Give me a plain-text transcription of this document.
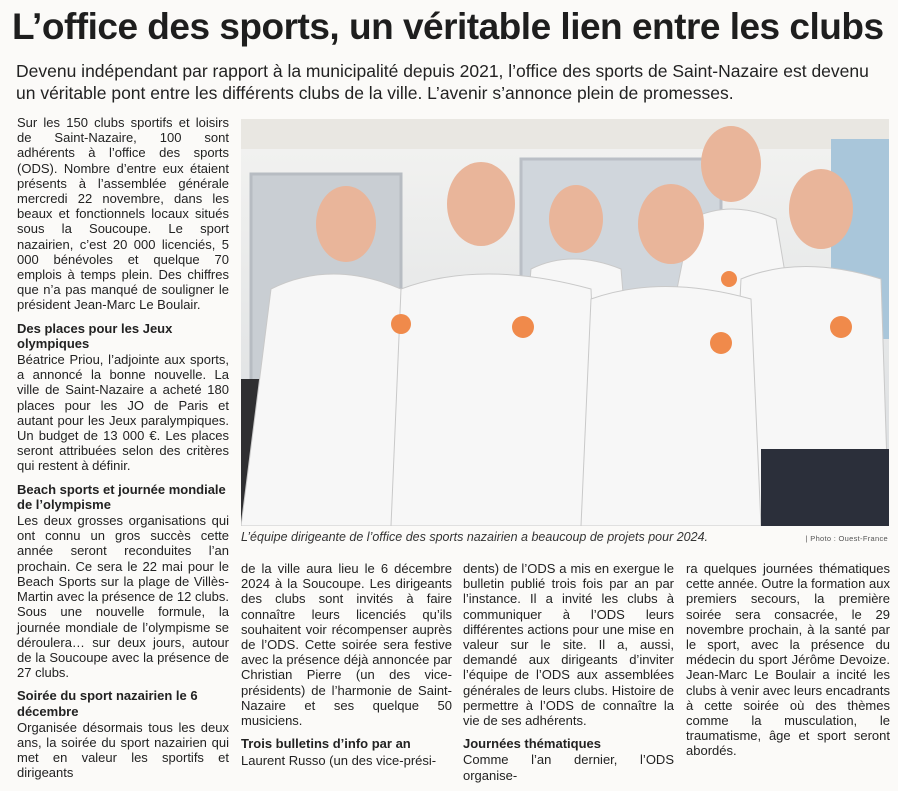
L’office des sports, un véritable lien entre les clubs
Devenu indépendant par rapport à la municipalité depuis 2021, l’office des sports de Saint-Nazaire est devenu un véritable pont entre les différents clubs de la ville. L’avenir s’annonce plein de promesses.

Sur les 150 clubs sportifs et loisirs de Saint-Nazaire, 100 sont adhérents à l’office des sports (ODS). Nombre d’entre eux étaient présents à l’assemblée générale mercredi 22 novembre, dans les beaux et fonctionnels locaux situés sous la Soucoupe. Le sport nazairien, c’est 20 000 licenciés, 5 000 bénévoles et quelque 70 emplois à temps plein. Des chiffres que n’a pas manqué de souligner le président Jean-Marc Le Boulair.

Des places pour les Jeux olympiques

Béatrice Priou, l’adjointe aux sports, a annoncé la bonne nouvelle. La ville de Saint-Nazaire a acheté 180 places pour les JO de Paris et autant pour les Jeux paralympiques. Un budget de 13 000 €. Les places seront attribuées selon des critères qui restent à définir.

Beach sports et journée mondiale de l’olympisme

Les deux grosses organisations qui ont connu un gros succès cette année seront reconduites l’an prochain. Ce sera le 22 mai pour le Beach Sports sur la plage de Villès-Martin avec la présence de 12 clubs. Sous une nouvelle formule, la journée mondiale de l’olympisme se déroulera… sur deux jours, autour de la Soucoupe avec la présence de 27 clubs.

Soirée du sport nazairien le 6 décembre

Organisée désormais tous les deux ans, la soirée du sport nazairien qui met en valeur les sportifs et dirigeants

L’équipe dirigeante de l’office des sports nazairien a beaucoup de projets pour 2024.	| Photo : Ouest-France

de la ville aura lieu le 6 décembre 2024 à la Soucoupe. Les dirigeants des clubs sont invités à faire connaître leurs licenciés qu’ils souhaitent voir récompenser auprès de l’ODS. Cette soirée sera festive avec la présence déjà annoncée par Christian Pierre (un des vice-présidents) de l’harmonie de Saint-Nazaire et ses quelque 50 musiciens.

Trois bulletins d’info par an

Laurent Russo (un des vice-prési-

dents) de l’ODS a mis en exergue le bulletin publié trois fois par an par l’instance. Il a invité les clubs à communiquer à l’ODS leurs différentes actions pour une mise en valeur sur le site. Il a, aussi, demandé aux dirigeants d’inviter l’équipe de l’ODS aux assemblées générales de leurs clubs. Histoire de permettre à l’ODS de connaître la vie de ses adhérents.

Journées thématiques

Comme l’an dernier, l’ODS organise-

ra quelques journées thématiques cette année. Outre la formation aux premiers secours, la première soirée sera consacrée, le 29 novembre prochain, à la santé par le sport, avec la présence du médecin du sport Jérôme Devoize. Jean-Marc Le Boulair a incité les clubs à venir avec leurs encadrants à cette soirée où des thèmes comme la musculation, le traumatisme, âge et sport seront abordés.
